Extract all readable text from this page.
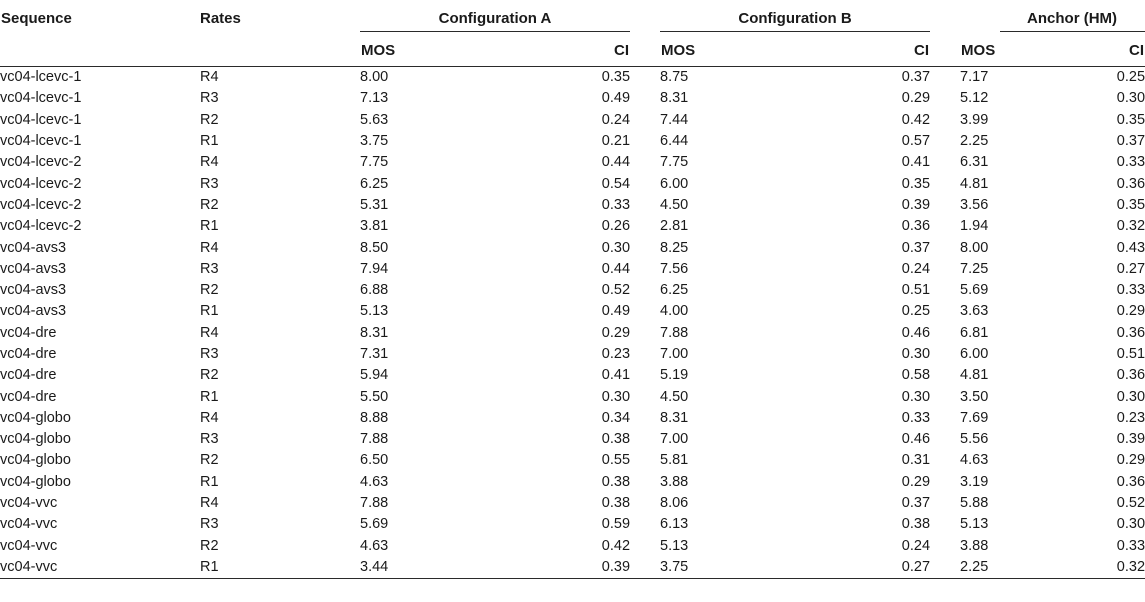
Sequence	Rates		Configuration A			Configuration B			Anchor (HM)	

			MOS	CI		MOS	CI		MOS	CI
vc04-lcevc-1	R4		8.00	0.35		8.75	0.37		7.17	0.25
vc04-lcevc-1	R3		7.13	0.49		8.31	0.29		5.12	0.30
vc04-lcevc-1	R2		5.63	0.24		7.44	0.42		3.99	0.35
vc04-lcevc-1	R1		3.75	0.21		6.44	0.57		2.25	0.37
vc04-lcevc-2	R4		7.75	0.44		7.75	0.41		6.31	0.33
vc04-lcevc-2	R3		6.25	0.54		6.00	0.35		4.81	0.36
vc04-lcevc-2	R2		5.31	0.33		4.50	0.39		3.56	0.35
vc04-lcevc-2	R1		3.81	0.26		2.81	0.36		1.94	0.32
vc04-avs3	R4		8.50	0.30		8.25	0.37		8.00	0.43
vc04-avs3	R3		7.94	0.44		7.56	0.24		7.25	0.27
vc04-avs3	R2		6.88	0.52		6.25	0.51		5.69	0.33
vc04-avs3	R1		5.13	0.49		4.00	0.25		3.63	0.29
vc04-dre	R4		8.31	0.29		7.88	0.46		6.81	0.36
vc04-dre	R3		7.31	0.23		7.00	0.30		6.00	0.51
vc04-dre	R2		5.94	0.41		5.19	0.58		4.81	0.36
vc04-dre	R1		5.50	0.30		4.50	0.30		3.50	0.30
vc04-globo	R4		8.88	0.34		8.31	0.33		7.69	0.23
vc04-globo	R3		7.88	0.38		7.00	0.46		5.56	0.39
vc04-globo	R2		6.50	0.55		5.81	0.31		4.63	0.29
vc04-globo	R1		4.63	0.38		3.88	0.29		3.19	0.36
vc04-vvc	R4		7.88	0.38		8.06	0.37		5.88	0.52
vc04-vvc	R3		5.69	0.59		6.13	0.38		5.13	0.30
vc04-vvc	R2		4.63	0.42		5.13	0.24		3.88	0.33
vc04-vvc	R1		3.44	0.39		3.75	0.27		2.25	0.32
